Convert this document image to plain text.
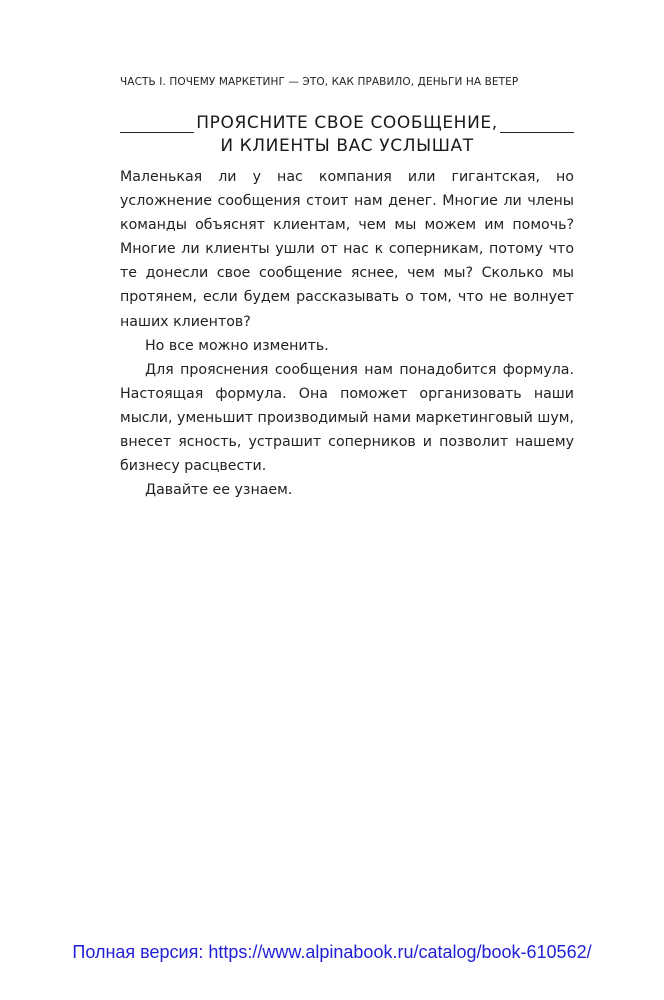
ЧАСТЬ I. ПОЧЕМУ МАРКЕТИНГ — ЭТО, КАК ПРАВИЛО, ДЕНЬГИ НА ВЕТЕР
ПРОЯСНИТЕ СВОЕ СООБЩЕНИЕ,
И КЛИЕНТЫ ВАС УСЛЫШАТ

Маленькая ли у нас компания или гигантская, но усложнение сообщения стоит нам денег. Многие ли члены команды объяснят клиентам, чем мы можем им помочь? Многие ли клиенты ушли от нас к соперникам, потому что те донесли свое сообщение яснее, чем мы? Сколько мы протянем, если будем рассказывать о том, что не волнует наших клиентов?

Но все можно изменить.

Для прояснения сообщения нам понадобится формула. Настоящая формула. Она поможет организовать наши мысли, уменьшит производимый нами маркетинговый шум, внесет ясность, устрашит соперников и позволит нашему бизнесу расцвести.

Давайте ее узнаем.

Полная версия: https://www.alpinabook.ru/catalog/book-610562/
